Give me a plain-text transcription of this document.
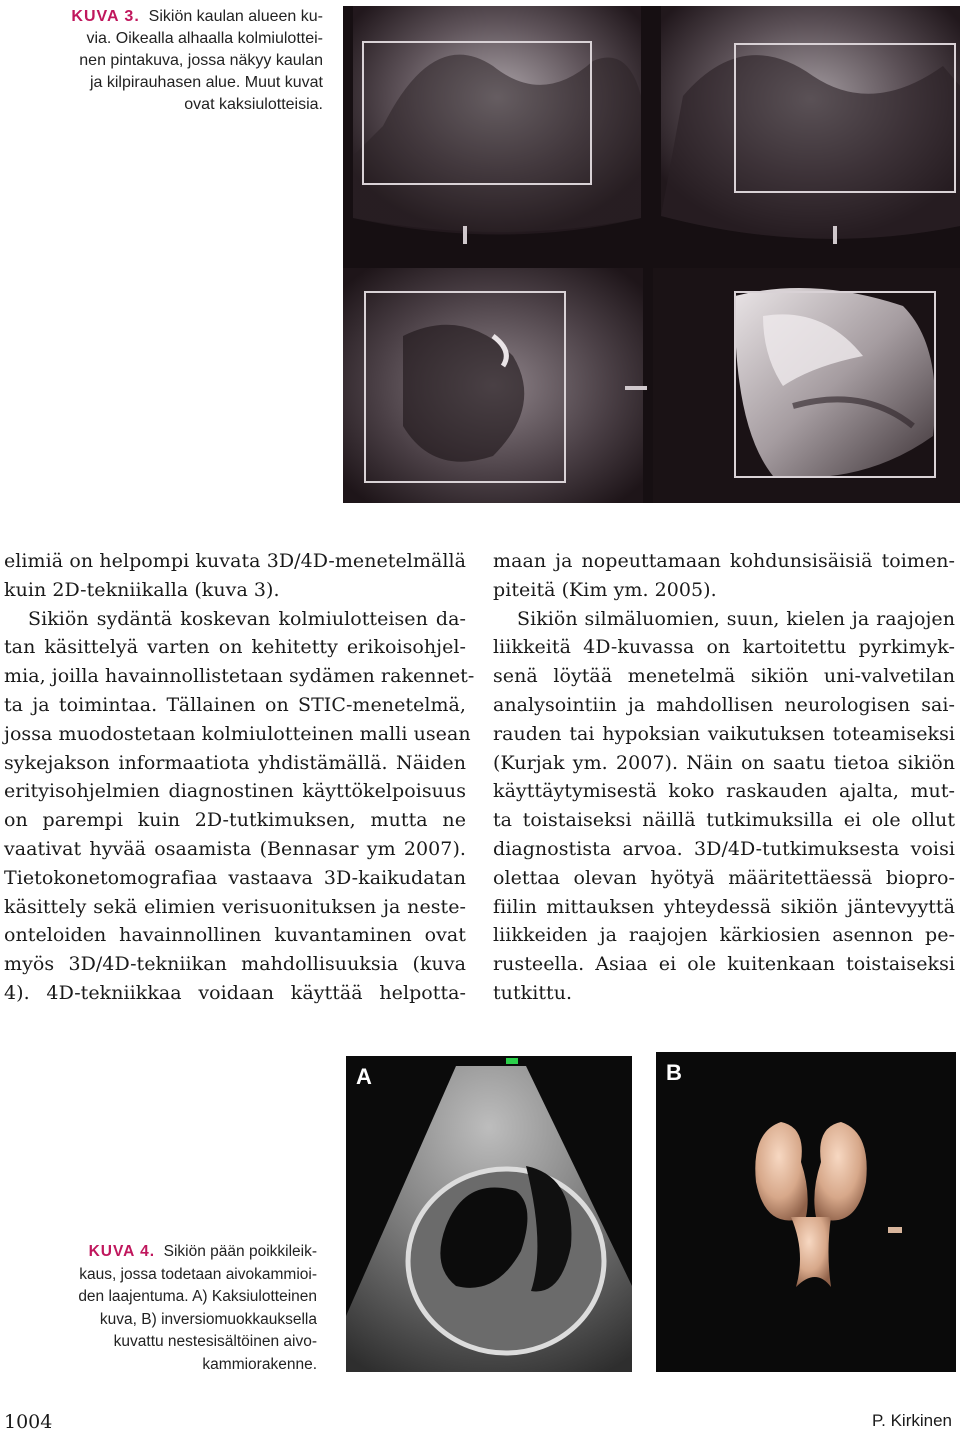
KUVA 3. Sikiön kaulan alueen ku-
via. Oikealla alhaalla kolmiulottei-
nen pintakuva, jossa näkyy kaulan
ja kilpirauhasen alue. Muut kuvat
ovat kaksiulotteisia.
elimiä on helpompi kuvata 3D/4D-menetelmällä
kuin 2D-tekniikalla (kuva 3).
Sikiön sydäntä koskevan kolmiulotteisen da-
tan käsittelyä varten on kehitetty erikoisohjel-
mia, joilla havainnollistetaan sydämen rakennet-
ta ja toimintaa. Tällainen on STIC-menetelmä,
jossa muodostetaan kolmiulotteinen malli usean
sykejakson informaatiota yhdistämällä. Näiden
erityisohjelmien diagnostinen käyttökelpoisuus
on parempi kuin 2D-tutkimuksen, mutta ne
vaativat hyvää osaamista (Bennasar ym 2007).
Tietokonetomografiaa vastaava 3D-kaikudatan
käsittely sekä elimien verisuonituksen ja neste-
onteloiden havainnollinen kuvantaminen ovat
myös 3D/4D-tekniikan mahdollisuuksia (kuva
4). 4D-tekniikkaa voidaan käyttää helpotta-
maan ja nopeuttamaan kohdunsisäisiä toimen-
piteitä (Kim ym. 2005).
Sikiön silmäluomien, suun, kielen ja raajojen
liikkeitä 4D-kuvassa on kartoitettu pyrkimyk-
senä löytää menetelmä sikiön uni-valvetilan
analysointiin ja mahdollisen neurologisen sai-
rauden tai hypoksian vaikutuksen toteamiseksi
(Kurjak ym. 2007). Näin on saatu tietoa sikiön
käyttäytymisestä koko raskauden ajalta, mut-
ta toistaiseksi näillä tutkimuksilla ei ole ollut
diagnostista arvoa. 3D/4D-tutkimuksesta voisi
olettaa olevan hyötyä määritettäessä biopro-
fiilin mittauksen yhteydessä sikiön jäntevyyttä
liikkeiden ja raajojen kärkiosien asennon pe-
rusteella. Asiaa ei ole kuitenkaan toistaiseksi
tutkittu.
A	B
KUVA 4. Sikiön pään poikkileik-
kaus, jossa todetaan aivokammioi-
den laajentuma. A) Kaksiulotteinen
kuva, B) inversiomuokkauksella
kuvattu nestesisältöinen aivo-
kammiorakenne.
1004	P. Kirkinen
